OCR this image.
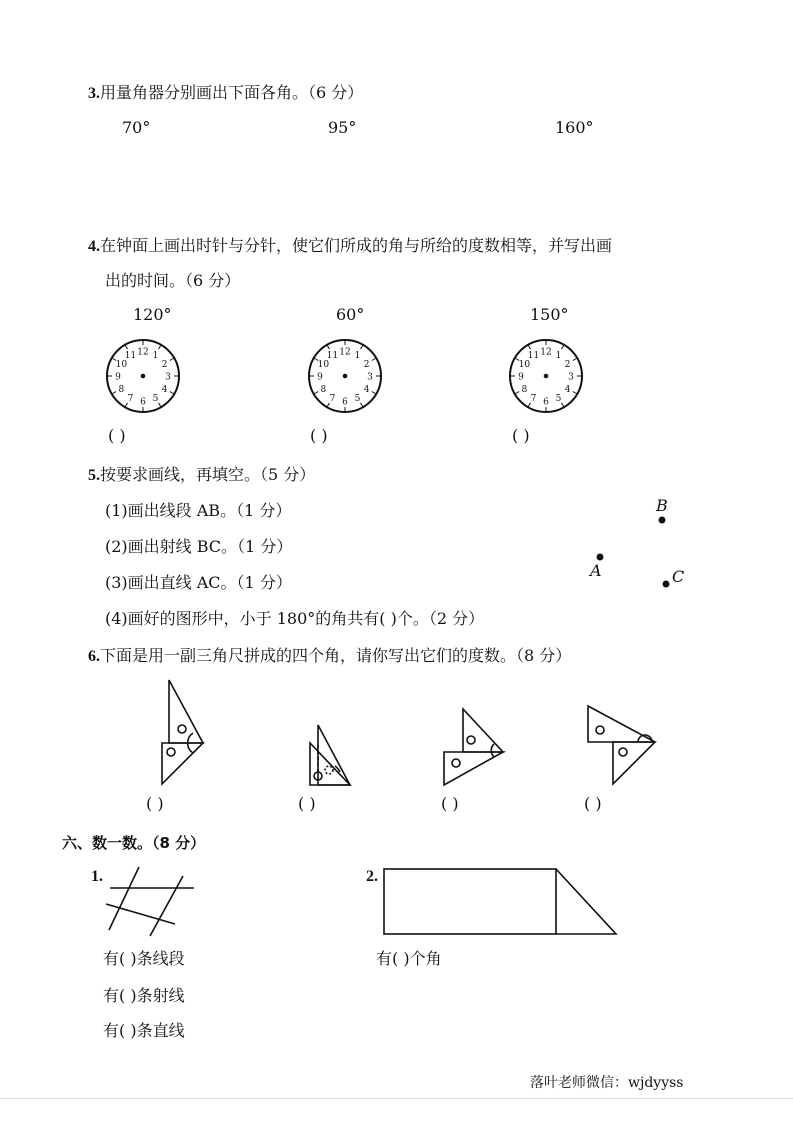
3.用量角器分别画出下面各角。（6 分）
70°	95°	160°
4.在钟面上画出时针与分针，使它们所成的角与所给的度数相等，并写出画
出的时间。（6 分）
120°	60°	150°
( )	( )	( )
5.按要求画线，再填空。（5 分）
(1)画出线段 AB。（1 分）
(2)画出射线 BC。（1 分）
(3)画出直线 AC。（1 分）
(4)画好的图形中，小于 180°的角共有( )个。（2 分）
A
B
C
6.下面是用一副三角尺拼成的四个角，请你写出它们的度数。（8 分）
( )	( )	( )	( )
六、数一数。（8 分）
1.	2.
有( )条线段
有( )条射线
有( )条直线
有( )个角
落叶老师微信：wjdyyss
12 1
2
3
4
5
6
7
8
9
10
11	12 1
2
3
4
5
6
7
8
9
10
11	12 1
2
3
4
5
6
7
8
9
10
11
